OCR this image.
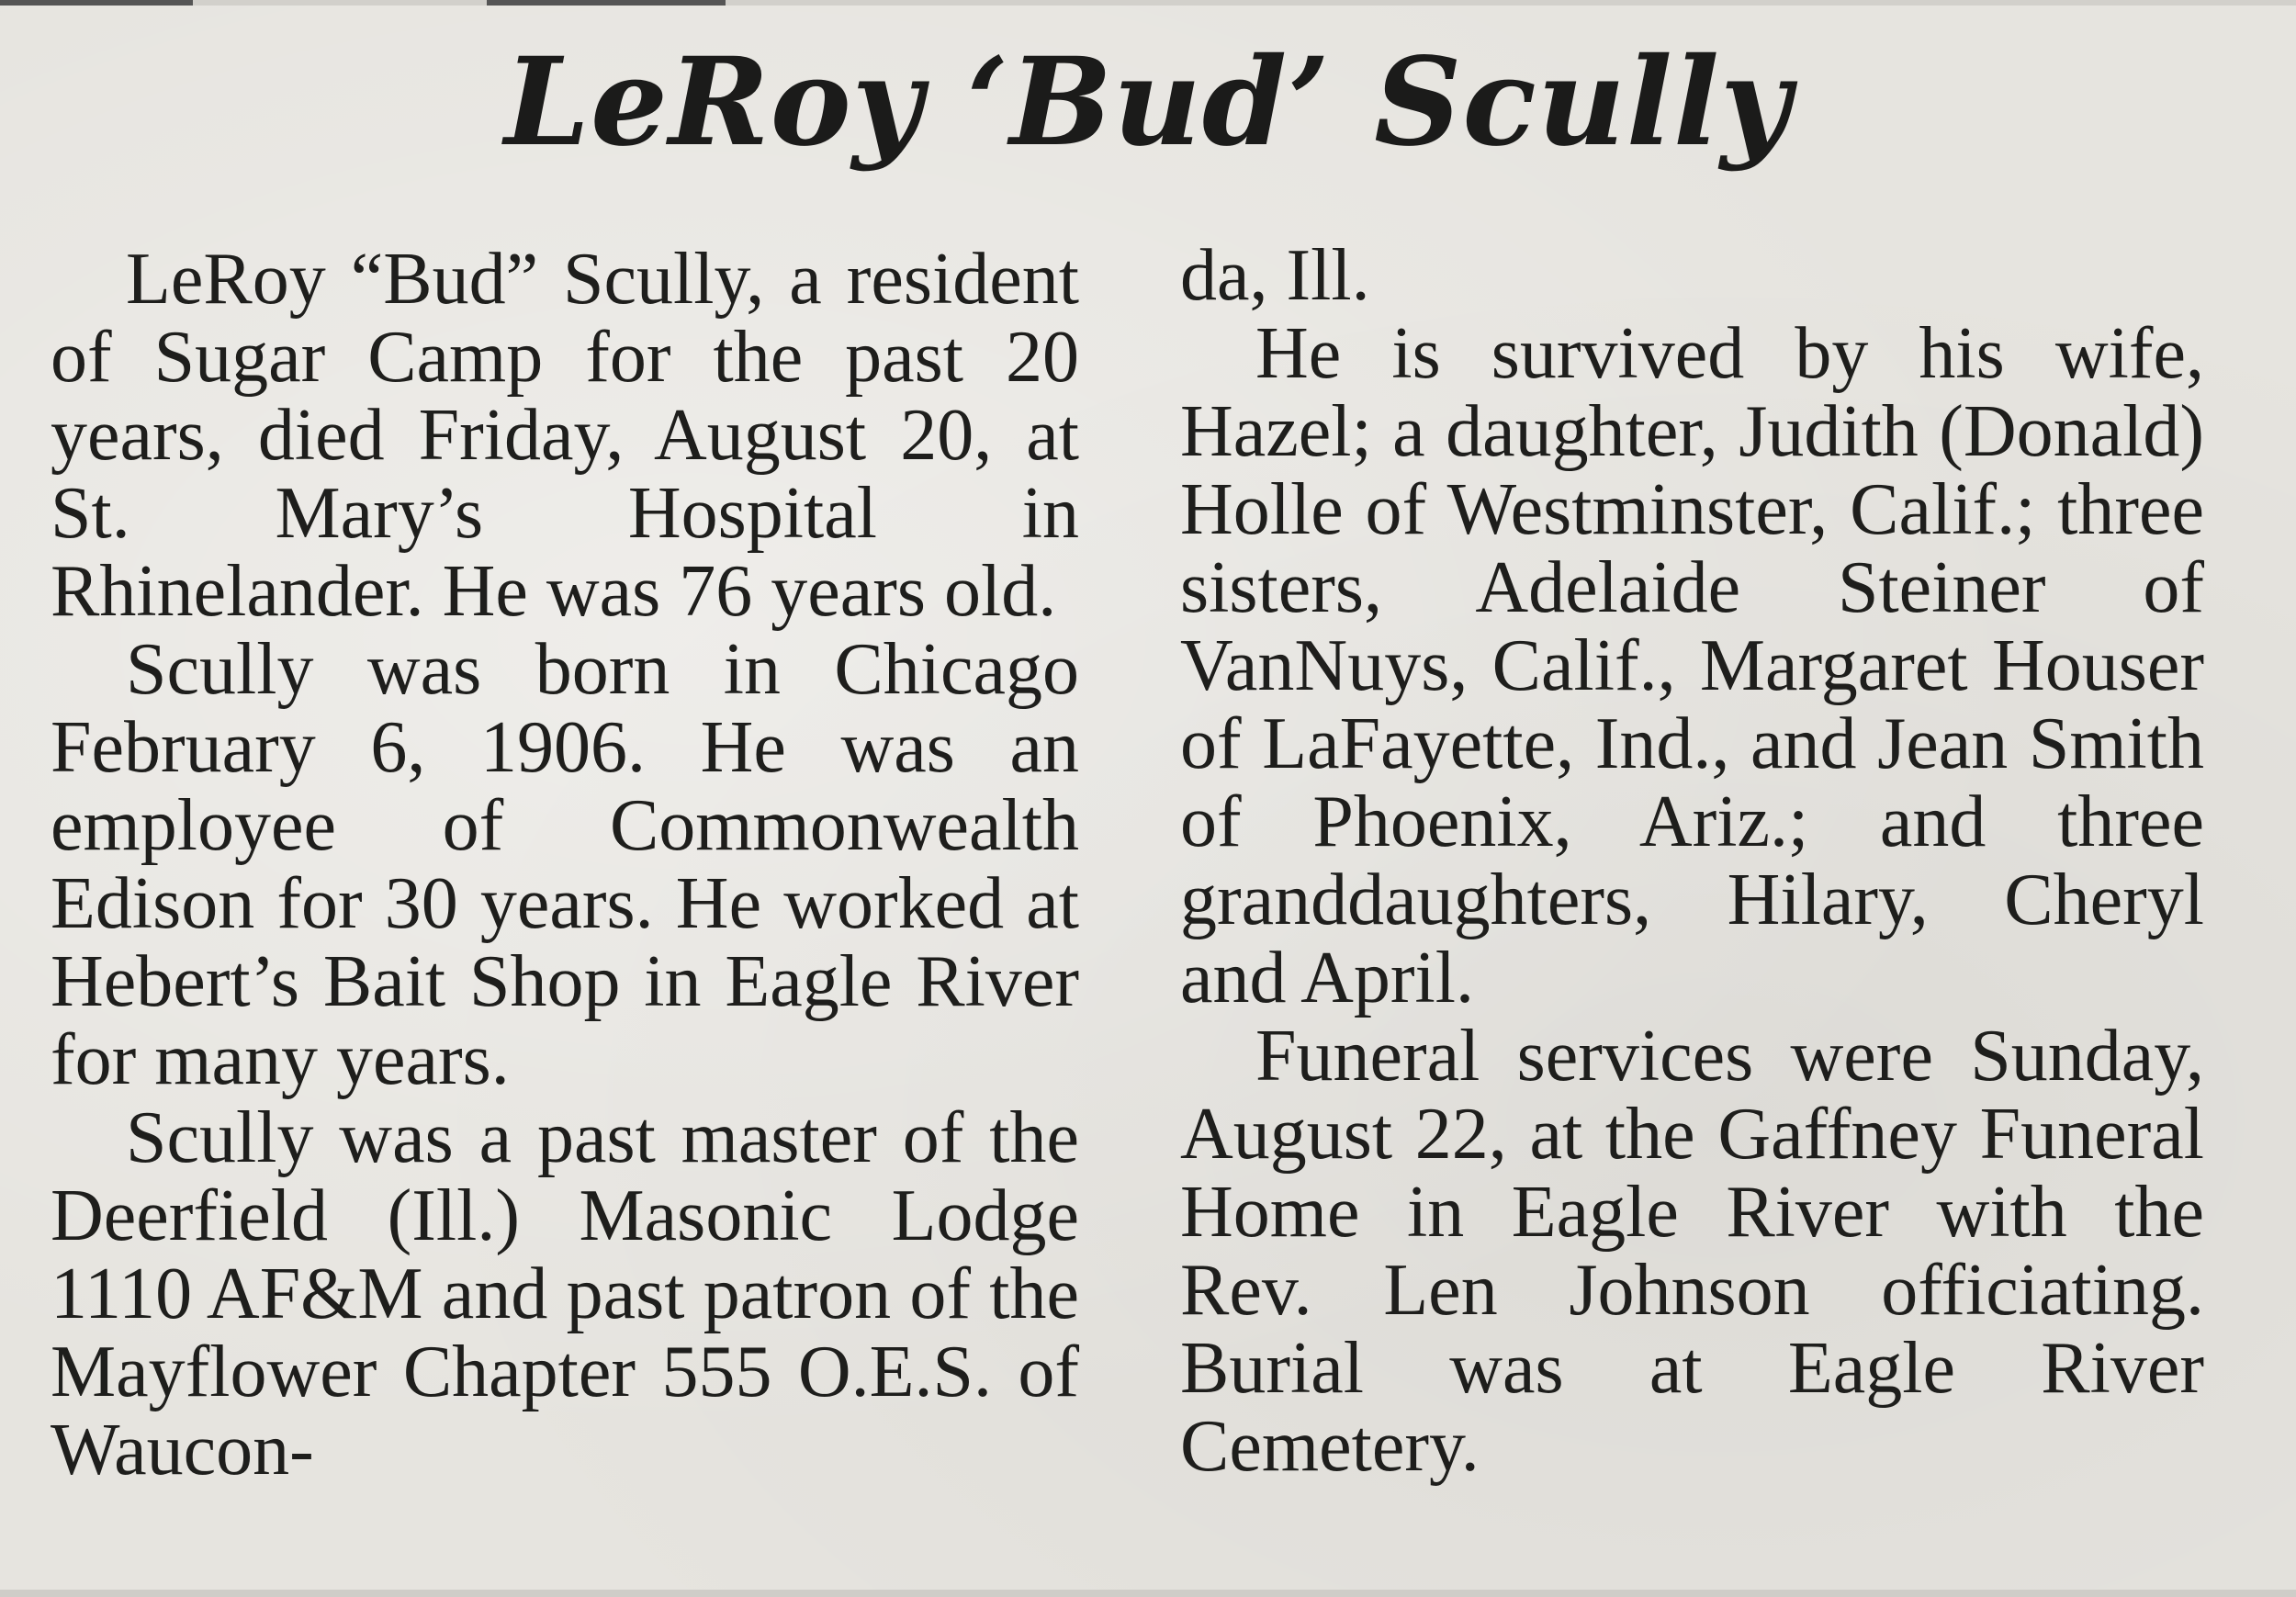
LeRoy ‘Bud’ Scully

LeRoy “Bud” Scully, a resident of Sugar Camp for the past 20 years, died Friday, August 20, at St. Mary’s Hospital in Rhinelander. He was 76 years old.

Scully was born in Chicago February 6, 1906. He was an employee of Commonwealth Edison for 30 years. He worked at Hebert’s Bait Shop in Eagle River for many years.

Scully was a past master of the Deerfield (Ill.) Masonic Lodge 1110 AF&M and past patron of the Mayflower Chapter 555 O.E.S. of Waucon-

da, Ill.

He is survived by his wife, Hazel; a daughter, Judith (Donald) Holle of Westminster, Calif.; three sisters, Adelaide Steiner of VanNuys, Calif., Margaret Houser of LaFayette, Ind., and Jean Smith of Phoenix, Ariz.; and three granddaughters, Hilary, Cheryl and April.

Funeral services were Sunday, August 22, at the Gaffney Funeral Home in Eagle River with the Rev. Len Johnson officiating. Burial was at Eagle River Cemetery.
